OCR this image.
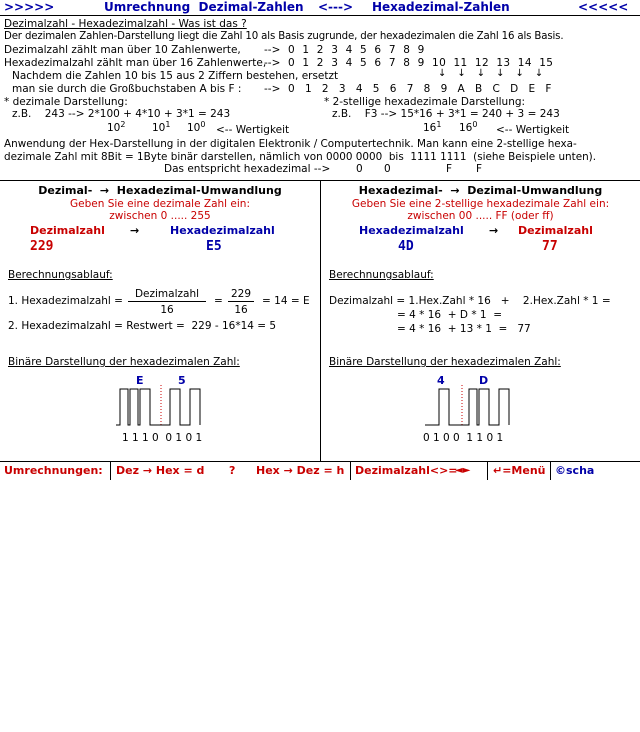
>>>>>

	Umrechnung  Dezimal-Zahlen

<--->

Hexadezimal-Zahlen

	<<<<<

Dezimalzahl - Hexadezimalzahl - Was ist das ?

Der dezimalen Zahlen-Darstellung liegt die Zahl 10 als Basis zugrunde, der hexadezimalen die Zahl 16 als Basis.

Dezimalzahl zählt man über 10 Zahlenwerte,

-->

0  1  2  3  4  5  6  7  8  9

Hexadezimalzahl zählt man über 16 Zahlenwerte,

-->

0  1  2  3  4  5  6  7  8  9  10  11  12  13  14  15

Nachdem die Zahlen 10 bis 15 aus 2 Ziffern bestehen, ersetzt

	↓↓↓↓↓↓

man sie durch die Großbuchstaben A bis F :

-->

0  1  2  3  4  5  6  7  8  9  A  B  C  D  E  F

* dezimale Darstellung:

	* 2-stellige hexadezimale Darstellung:

z.B.    243 --> 2*100 + 4*10 + 3*1 = 243

	z.B.    F3 --> 15*16 + 3*1 = 240 + 3 = 243

$10^2$

	$10^1$

$10^0$

<-- Wertigkeit

	$16^1$

$16^0$

<-- Wertigkeit

Anwendung der Hex-Darstellung in der digitalen Elektronik / Computertechnik. Man kann eine 2-stellige hexa-

dezimale Zahl mit 8Bit = 1Byte binär darstellen, nämlich von 0000 0000  bis  1111 1111  (siehe Beispiele unten).

Das entspricht hexadezimal -->

0

0

	F

F

Dezimal-  →  Hexadezimal-Umwandlung

Geben Sie eine dezimale Zahl ein:

zwischen 0 ..... 255

Dezimalzahl

→

	Hexadezimalzahl

229

	E5

Berechnungsablauf:

1. Hexadezimalzahl =

Dezimalzahl

16

=

229

16

= 14 = E

2. Hexadezimalzahl = Restwert =  229 - 16*14 = 5

Binäre Darstellung der hexadezimalen Zahl:

E

	5

1 1 1 0  0 1 0 1

Hexadezimal-  →  Dezimal-Umwandlung

Geben Sie eine 2-stellige hexadezimale Zahl ein:

zwischen 00 ..... FF (oder ff)

Hexadezimalzahl

→

Dezimalzahl

4D

	77

Berechnungsablauf:

Dezimalzahl = 1.Hex.Zahl * 16   +    2.Hex.Zahl * 1 =

= 4 * 16  + D * 1  =

= 4 * 16  + 13 * 1  =   77

Binäre Darstellung der hexadezimalen Zahl:

4

	D

0 1 0 0  1 1 0 1

Umrechnungen:

Dez → Hex = d

?

Hex → Dez = h

Dezimalzahl<>=

◄►

↵=Menü

©scha
